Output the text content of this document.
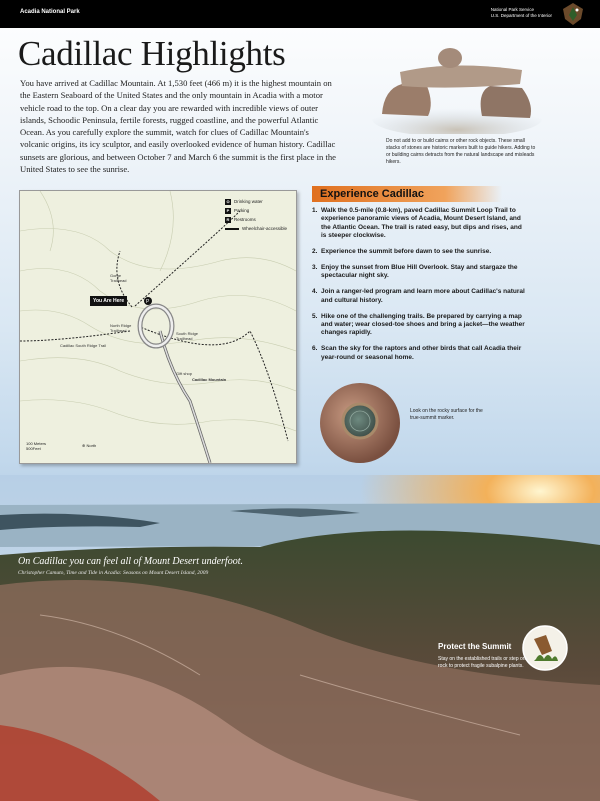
Acadia National Park	National Park Service
U.S. Department of the Interior
Cadillac Highlights

You have arrived at Cadillac Mountain. At 1,530 feet (466 m) it is the highest mountain on the Eastern Seaboard of the United States and the only mountain in Acadia with a motor vehicle road to the top. On a clear day you are rewarded with incredible views of outer islands, Schoodic Peninsula, fertile forests, rugged coastline, and the powerful Atlantic Ocean. As you carefully explore the summit, watch for clues of Cadillac Mountain's volcanic origins, its icy sculptor, and easily overlooked evidence of human history. Cadillac sunsets are glorious, and between October 7 and March 6 the summit is the first place in the United States to see the sunrise.

Do not add to or build cairns or other rock objects. These small stacks of stones are historic markers built to guide hikers. Adding to or building cairns detracts from the natural landscape and misleads hikers.

P
⊙ Drinking water
P	Parking
R	Restrooms
Wheelchair-accessible
You Are Here
Cadillac South Ridge Trail
Gift shop
Cadillac Mountain
North Ridge Trailhead
South Ridge Trailhead
Gorge Trailhead
100 Meters
500Feet
⊕ North
Experience Cadillac
1. Walk the 0.5-mile (0.8-km), paved Cadillac Summit Loop Trail to experience panoramic views of Acadia, Mount Desert Island, and the Atlantic Ocean. The trail is rated easy, but dips and rises, and is steeper clockwise.
2. Experience the summit before dawn to see the sunrise.
3. Enjoy the sunset from Blue Hill Overlook. Stay and stargaze the spectacular night sky.
4. Join a ranger-led program and learn more about Cadillac's natural and cultural history.
5. Hike one of the challenging trails. Be prepared by carrying a map and water; wear closed-toe shoes and bring a jacket—the weather changes rapidly.
6. Scan the sky for the raptors and other birds that call Acadia their year-round or seasonal home.

Look on the rocky surface for the true-summit marker.

On Cadillac you can feel all of Mount Desert underfoot.

Christopher Camuto, Time and Tide in Acadia: Seasons on Mount Desert Island, 2009

Protect the Summit

Stay on the established trails or step on rock to protect fragile subalpine plants.
